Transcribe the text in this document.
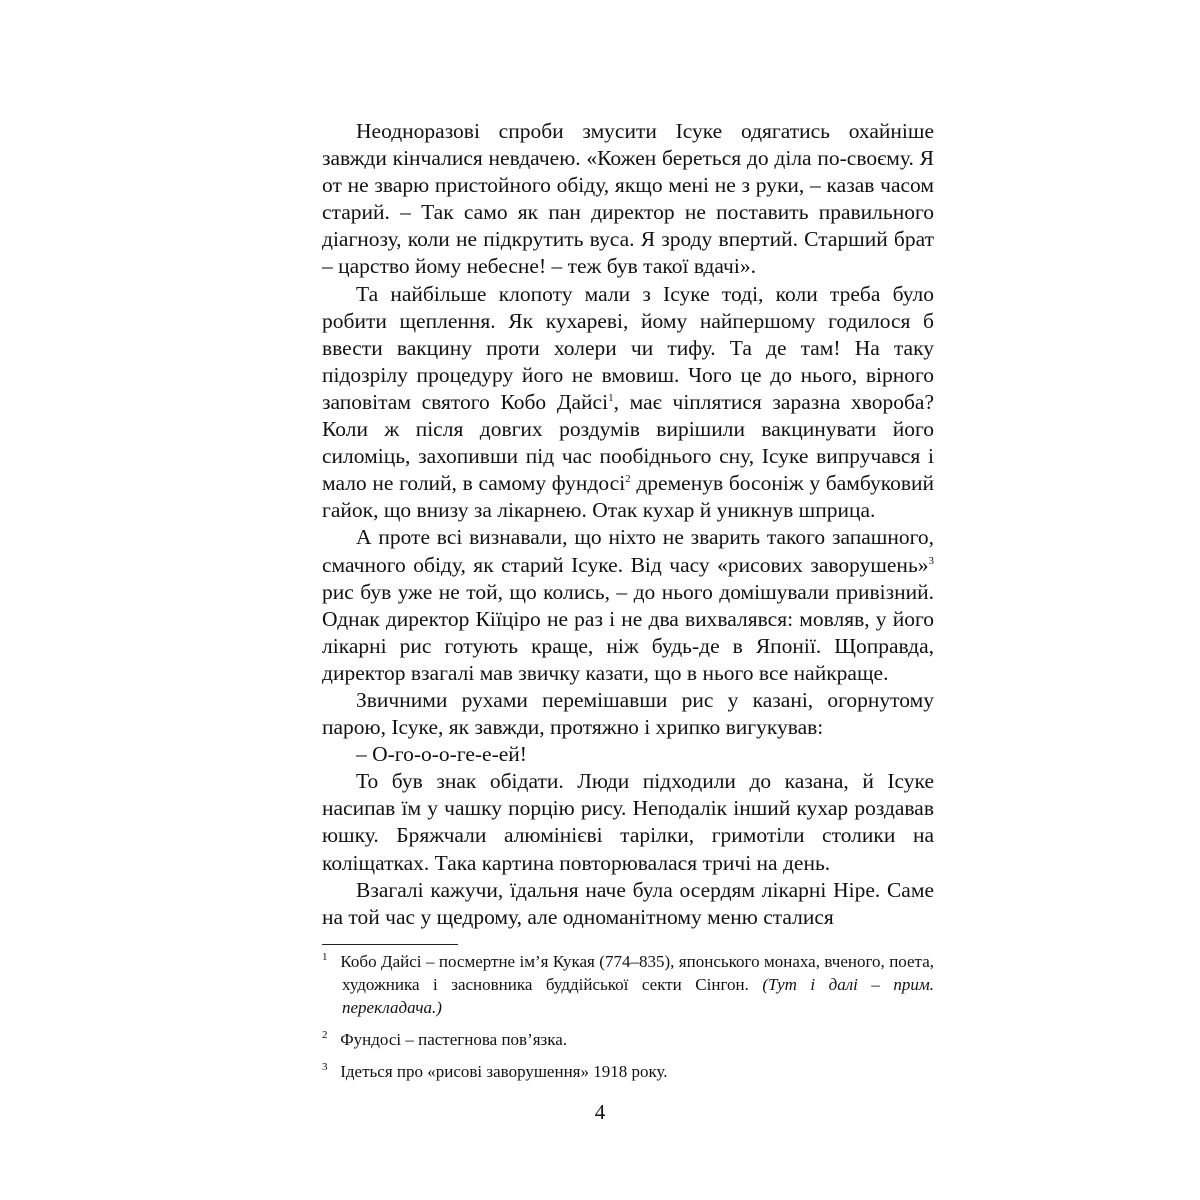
Неодноразові спроби змусити Ісуке одягатись охайніше завжди кінчалися невдачею. «Кожен береться до діла по-своєму. Я от не зварю пристойного обіду, якщо мені не з руки, – казав часом старий. – Так само як пан директор не поставить правильного діагнозу, коли не підкрутить вуса. Я зроду впертий. Старший брат – царство йому небесне! – теж був такої вдачі».

Та найбільше клопоту мали з Ісуке тоді, коли треба було робити щеплення. Як кухареві, йому найпершому годилося б ввести вакцину проти холери чи тифу. Та де там! На таку підозрілу процедуру його не вмовиш. Чого це до нього, вірного заповітам святого Кобо Дайсі$^1$, має чіплятися заразна хвороба? Коли ж після довгих роздумів вирішили вакцинувати його силоміць, захопивши під час пообіднього сну, Ісуке випручався і мало не голий, в самому фундосі$^2$ дременув босоніж у бамбуковий гайок, що внизу за лікарнею. Отак кухар й уникнув шприца.

А проте всі визнавали, що ніхто не зварить такого запашного, смачного обіду, як старий Ісуке. Від часу «рисових заворушень»$^3$ рис був уже не той, що колись, – до нього домішували привізний. Однак директор Кіїціро не раз і не два вихвалявся: мовляв, у його лікарні рис готують краще, ніж будь-де в Японії. Щоправда, директор взагалі мав звичку казати, що в нього все найкраще.

Звичними рухами перемішавши рис у казані, огорнутому парою, Ісуке, як завжди, протяжно і хрипко вигукував:

– О-го-о-о-ге-е-ей!

То був знак обідати. Люди підходили до казана, й Ісуке насипав їм у чашку порцію рису. Неподалік інший кухар роздавав юшку. Бряжчали алюмінієві тарілки, гримотіли столики на коліщатках. Така картина повторювалася тричі на день.

Взагалі кажучи, їдальня наче була осердям лікарні Ніре. Саме на той час у щедрому, але одноманітному меню сталися

1 Кобо Дайсі – посмертне ім’я Кукая (774–835), японського монаха, вченого, поета, художника і засновника буддійської секти Сінгон. (Тут і далі – прим. перекладача.)

2 Фундосі – пастегнова пов’язка.

3 Ідеться про «рисові заворушення» 1918 року.

4
